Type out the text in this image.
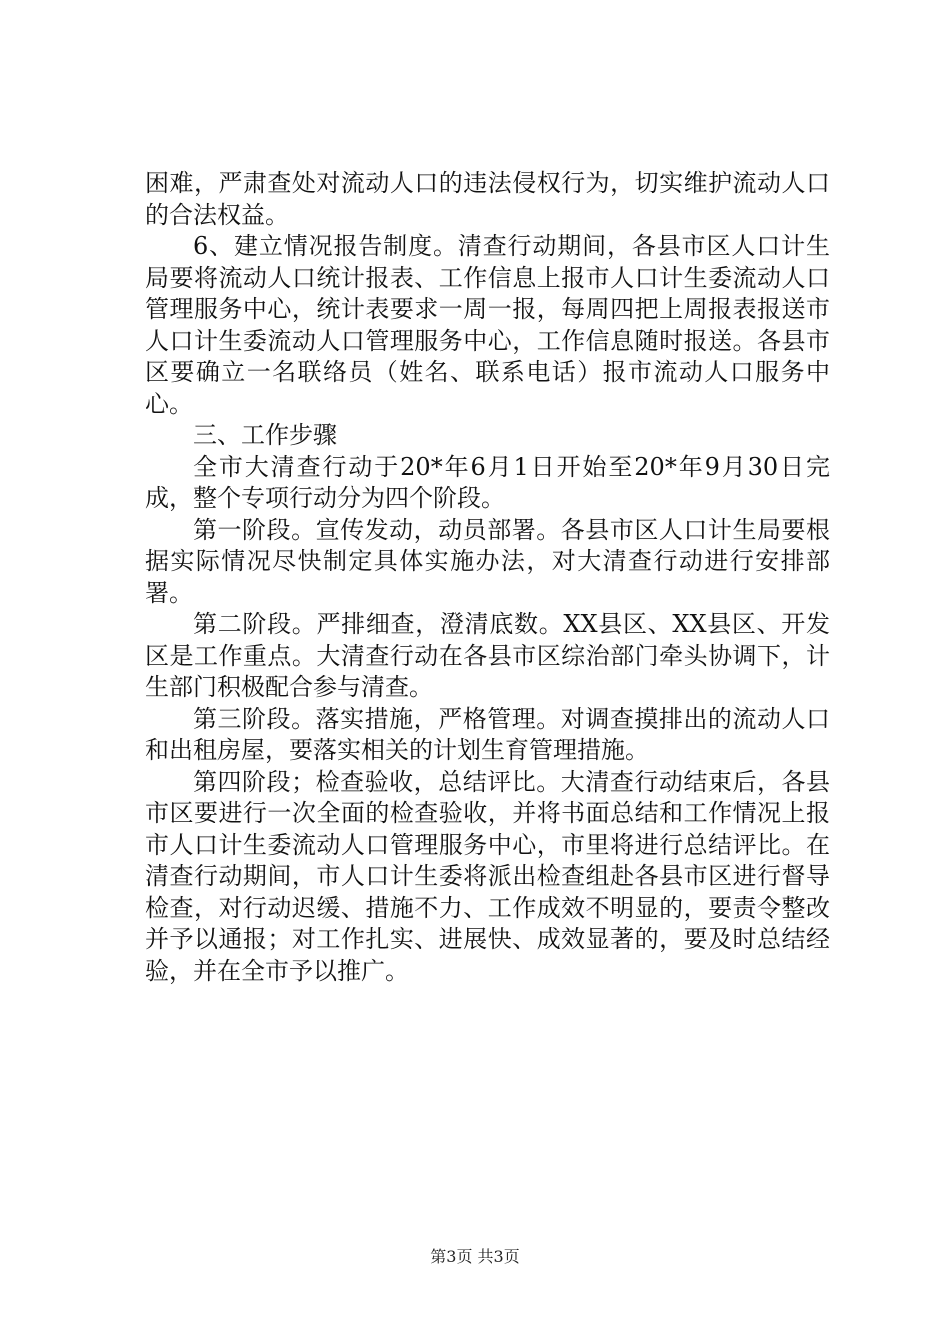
困难，严肃查处对流动人口的违法侵权行为，切实维护流动人口的合法权益。

6、建立情况报告制度。清查行动期间，各县市区人口计生局要将流动人口统计报表、工作信息上报市人口计生委流动人口管理服务中心，统计表要求一周一报，每周四把上周报表报送市人口计生委流动人口管理服务中心，工作信息随时报送。各县市区要确立一名联络员（姓名、联系电话）报市流动人口服务中心。

三、工作步骤

全市大清查行动于20*年6月1日开始至20*年9月30日完成，整个专项行动分为四个阶段。

第一阶段。宣传发动，动员部署。各县市区人口计生局要根据实际情况尽快制定具体实施办法，对大清查行动进行安排部署。

第二阶段。严排细查，澄清底数。XX县区、XX县区、开发区是工作重点。大清查行动在各县市区综治部门牵头协调下，计生部门积极配合参与清查。

第三阶段。落实措施，严格管理。对调查摸排出的流动人口和出租房屋，要落实相关的计划生育管理措施。

第四阶段；检查验收，总结评比。大清查行动结束后，各县市区要进行一次全面的检查验收，并将书面总结和工作情况上报市人口计生委流动人口管理服务中心，市里将进行总结评比。在清查行动期间，市人口计生委将派出检查组赴各县市区进行督导检查，对行动迟缓、措施不力、工作成效不明显的，要责令整改并予以通报；对工作扎实、进展快、成效显著的，要及时总结经验，并在全市予以推广。

第3页 共3页
